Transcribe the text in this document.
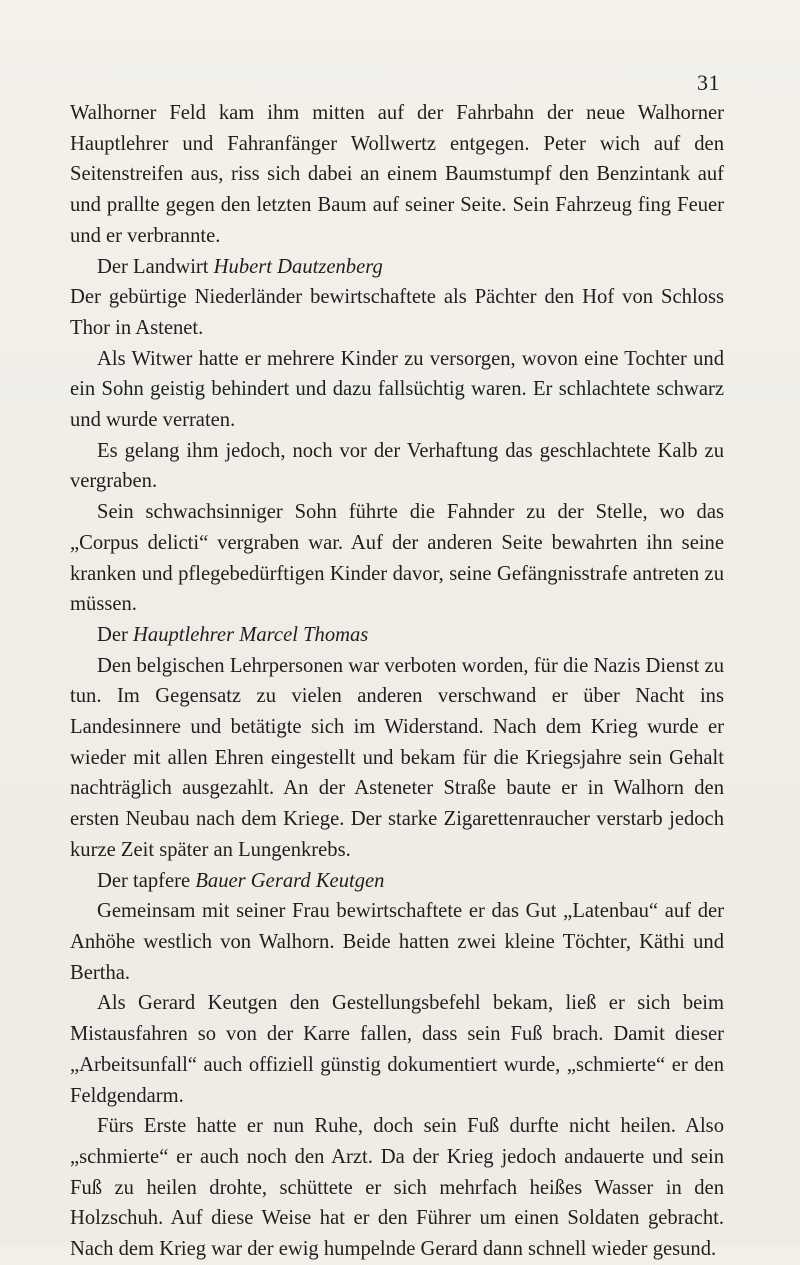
31

Walhorner Feld kam ihm mitten auf der Fahrbahn der neue Walhorner Hauptlehrer und Fahranfänger Wollwertz entgegen. Peter wich auf den Seitenstreifen aus, riss sich dabei an einem Baumstumpf den Benzintank auf und prallte gegen den letzten Baum auf seiner Seite. Sein Fahrzeug fing Feuer und er verbrannte.

Der Landwirt Hubert Dautzenberg

Der gebürtige Niederländer bewirtschaftete als Pächter den Hof von Schloss Thor in Astenet.

Als Witwer hatte er mehrere Kinder zu versorgen, wovon eine Tochter und ein Sohn geistig behindert und dazu fallsüchtig waren. Er schlachtete schwarz und wurde verraten.

Es gelang ihm jedoch, noch vor der Verhaftung das geschlachtete Kalb zu vergraben.

Sein schwachsinniger Sohn führte die Fahnder zu der Stelle, wo das „Corpus delicti“ vergraben war. Auf der anderen Seite bewahrten ihn seine kranken und pflegebedürftigen Kinder davor, seine Gefängnisstrafe antreten zu müssen.

Der Hauptlehrer Marcel Thomas

Den belgischen Lehrpersonen war verboten worden, für die Nazis Dienst zu tun. Im Gegensatz zu vielen anderen verschwand er über Nacht ins Landesinnere und betätigte sich im Widerstand. Nach dem Krieg wurde er wieder mit allen Ehren eingestellt und bekam für die Kriegsjahre sein Gehalt nachträglich ausgezahlt. An der Asteneter Straße baute er in Walhorn den ersten Neubau nach dem Kriege. Der starke Zigarettenraucher verstarb jedoch kurze Zeit später an Lungenkrebs.

Der tapfere Bauer Gerard Keutgen

Gemeinsam mit seiner Frau bewirtschaftete er das Gut „Latenbau“ auf der Anhöhe westlich von Walhorn. Beide hatten zwei kleine Töchter, Käthi und Bertha.

Als Gerard Keutgen den Gestellungsbefehl bekam, ließ er sich beim Mistausfahren so von der Karre fallen, dass sein Fuß brach. Damit dieser „Arbeitsunfall“ auch offiziell günstig dokumentiert wurde, „schmierte“ er den Feldgendarm.

Fürs Erste hatte er nun Ruhe, doch sein Fuß durfte nicht heilen. Also „schmierte“ er auch noch den Arzt. Da der Krieg jedoch andauerte und sein Fuß zu heilen drohte, schüttete er sich mehrfach heißes Wasser in den Holzschuh. Auf diese Weise hat er den Führer um einen Soldaten gebracht. Nach dem Krieg war der ewig humpelnde Gerard dann schnell wieder gesund.
